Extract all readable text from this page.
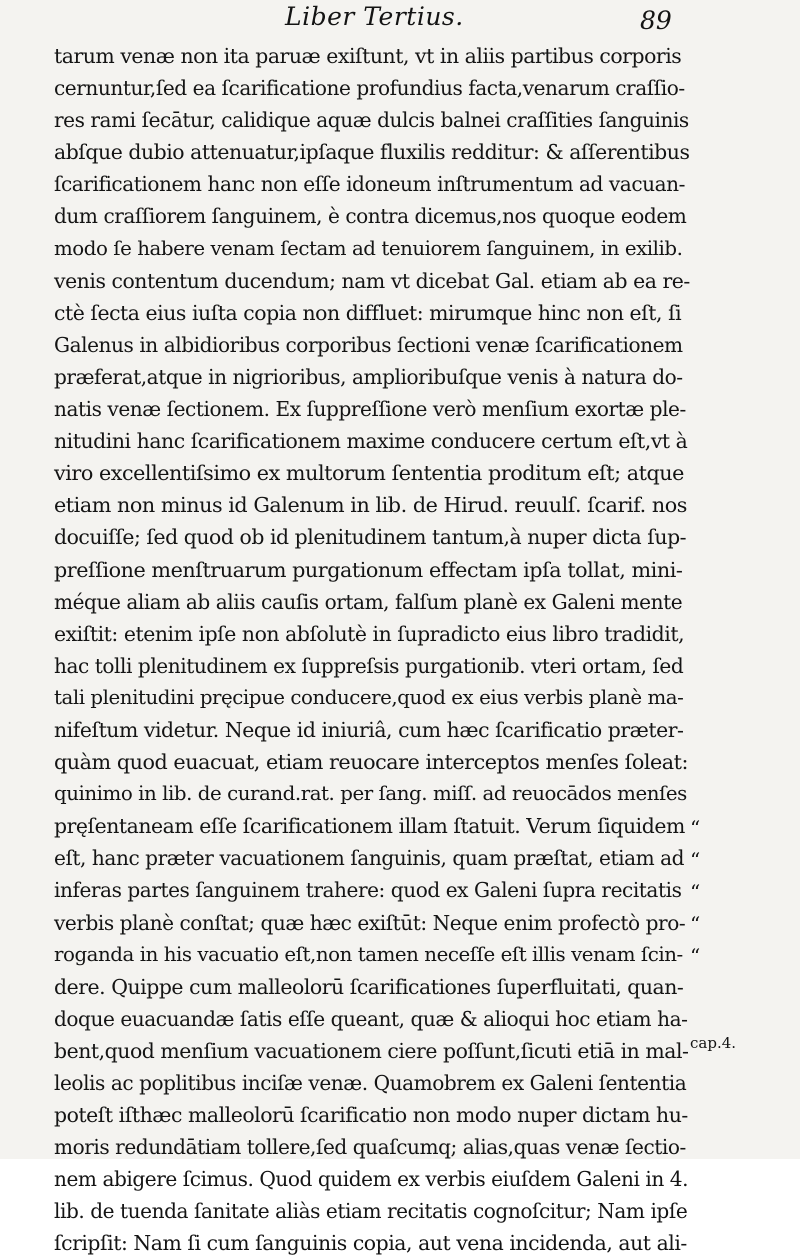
Liber Tertius.	89
tarum venæ non ita paruæ exiſtunt, vt in aliis partibus corporis
cernuntur,ſed ea ſcarificatione profundius facta,venarum craſſio-
res rami ſecātur, calidique aquæ dulcis balnei craſſities ſanguinis
abſque dubio attenuatur,ipſaque fluxilis redditur: & aſſerentibus
ſcarificationem hanc non eſſe idoneum inſtrumentum ad vacuan-
dum craſſiorem ſanguinem, è contra dicemus,nos quoque eodem
modo ſe habere venam ſectam ad tenuiorem ſanguinem, in exilib.
venis contentum ducendum; nam vt dicebat Gal. etiam ab ea re-
ctè ſecta eius iuſta copia non diffluet: mirumque hinc non eſt, ſi
Galenus in albidioribus corporibus ſectioni venæ ſcarificationem
præferat,atque in nigrioribus, amplioribuſque venis à natura do-
natis venæ ſectionem. Ex ſuppreſſione verò menſium exortæ ple-
nitudini hanc ſcarificationem maxime conducere certum eſt,vt à
viro excellentiſsimo ex multorum ſententia proditum eſt; atque
etiam non minus id Galenum in lib. de Hirud. reuulſ. ſcarif. nos
docuiſſe; ſed quod ob id plenitudinem tantum,à nuper dicta ſup-
preſſione menſtruarum purgationum effectam ipſa tollat, mini-
méque aliam ab aliis cauſis ortam, falſum planè ex Galeni mente
exiſtit: etenim ipſe non abſolutè in ſupradicto eius libro tradidit,
hac tolli plenitudinem ex ſuppreſsis purgationib. vteri ortam, ſed
tali plenitudini pręcipue conducere,quod ex eius verbis planè ma-
nifeſtum videtur. Neque id iniuriâ, cum hæc ſcarificatio præter-
quàm quod euacuat, etiam reuocare interceptos menſes ſoleat:
quinimo in lib. de curand.rat. per ſang. miſſ. ad reuocādos menſes
pręſentaneam eſſe ſcarificationem illam ſtatuit. Verum ſiquidem
eſt, hanc præter vacuationem ſanguinis, quam præſtat, etiam ad
inferas partes ſanguinem trahere: quod ex Galeni ſupra recitatis
verbis planè conſtat; quæ hæc exiſtūt: Neque enim profectò pro-
roganda in his vacuatio eſt,non tamen neceſſe eſt illis venam ſcin-
dere. Quippe cum malleolorū ſcarificationes ſuperfluitati, quan-
doque euacuandæ ſatis eſſe queant, quæ & alioqui hoc etiam ha-
bent,quod menſium vacuationem ciere poſſunt,ſicuti etiā in mal-
leolis ac poplitibus inciſæ venæ. Quamobrem ex Galeni ſententia
poteſt iſthæc malleolorū ſcarificatio non modo nuper dictam hu-
moris redundātiam tollere,ſed quaſcumq; alias,quas venæ ſectio-
nem abigere ſcimus. Quod quidem ex verbis eiuſdem Galeni in 4.
lib. de tuenda ſanitate aliàs etiam recitatis cognoſcitur; Nam ipſe
ſcripſit: Nam ſi cum ſanguinis copia, aut vena incidenda, aut ali-
“
“
“
“
“
cap.4.
